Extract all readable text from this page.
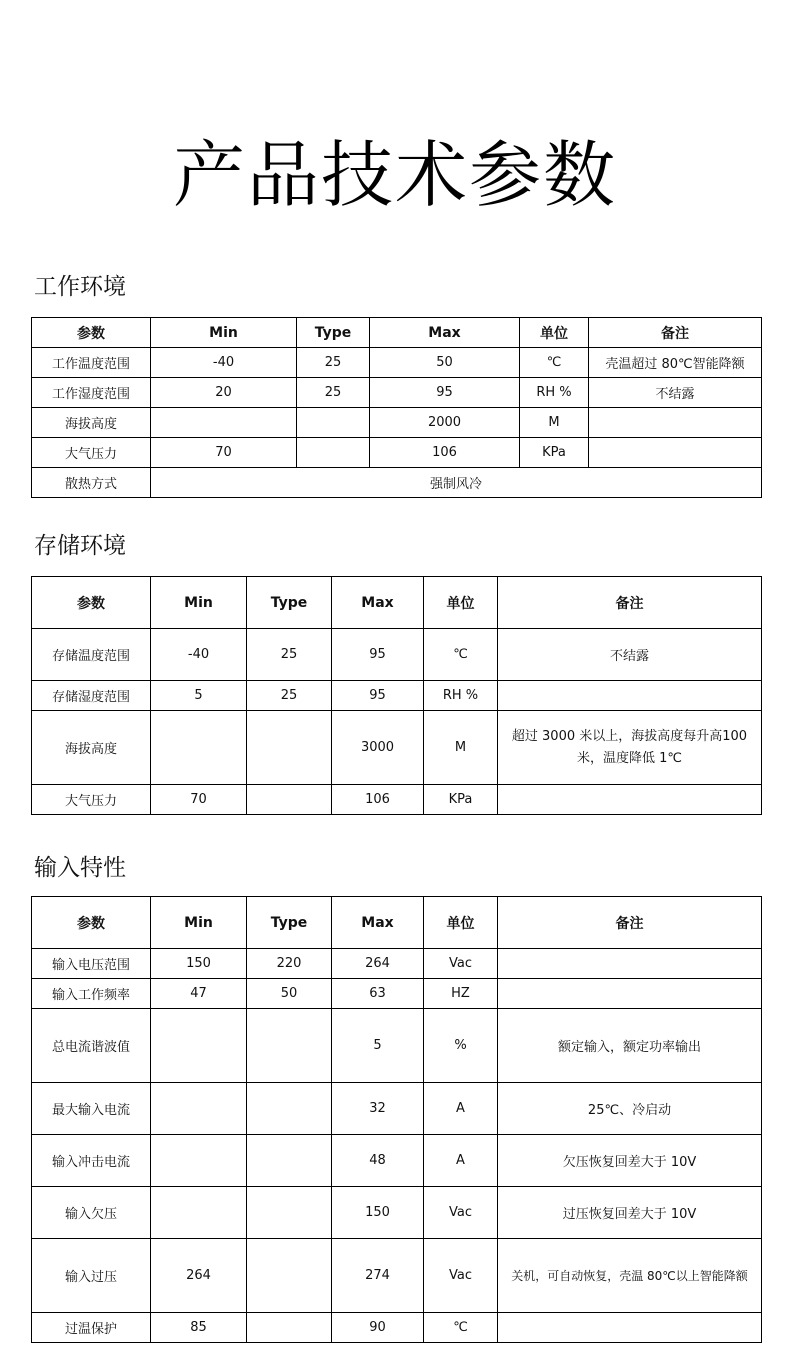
产品技术参数
工作环境
参数	Min	Type	Max	单位	备注
工作温度范围	-40	25	50	℃	壳温超过 80℃智能降额
工作湿度范围	20	25	95	RH %	不结露
海拔高度			2000	M	
大气压力	70		106	KPa	
散热方式	强制风冷				
存储环境
参数	Min	Type	Max	单位	备注
存储温度范围	-40	25	95	℃	不结露
存储湿度范围	5	25	95	RH %	
海拔高度			3000	M	超过 3000 米以上，海拔高度每升高100米，温度降低 1℃
大气压力	70		106	KPa	
输入特性
参数	Min	Type	Max	单位	备注
输入电压范围	150	220	264	Vac	
输入工作频率	47	50	63	HZ	
总电流谐波值			5	%	额定输入，额定功率输出
最大输入电流			32	A	25℃、冷启动
输入冲击电流			48	A	欠压恢复回差大于 10V
输入欠压			150	Vac	过压恢复回差大于 10V
输入过压	264		274	Vac	关机，可自动恢复，壳温 80℃以上智能降额
过温保护	85		90	℃	
